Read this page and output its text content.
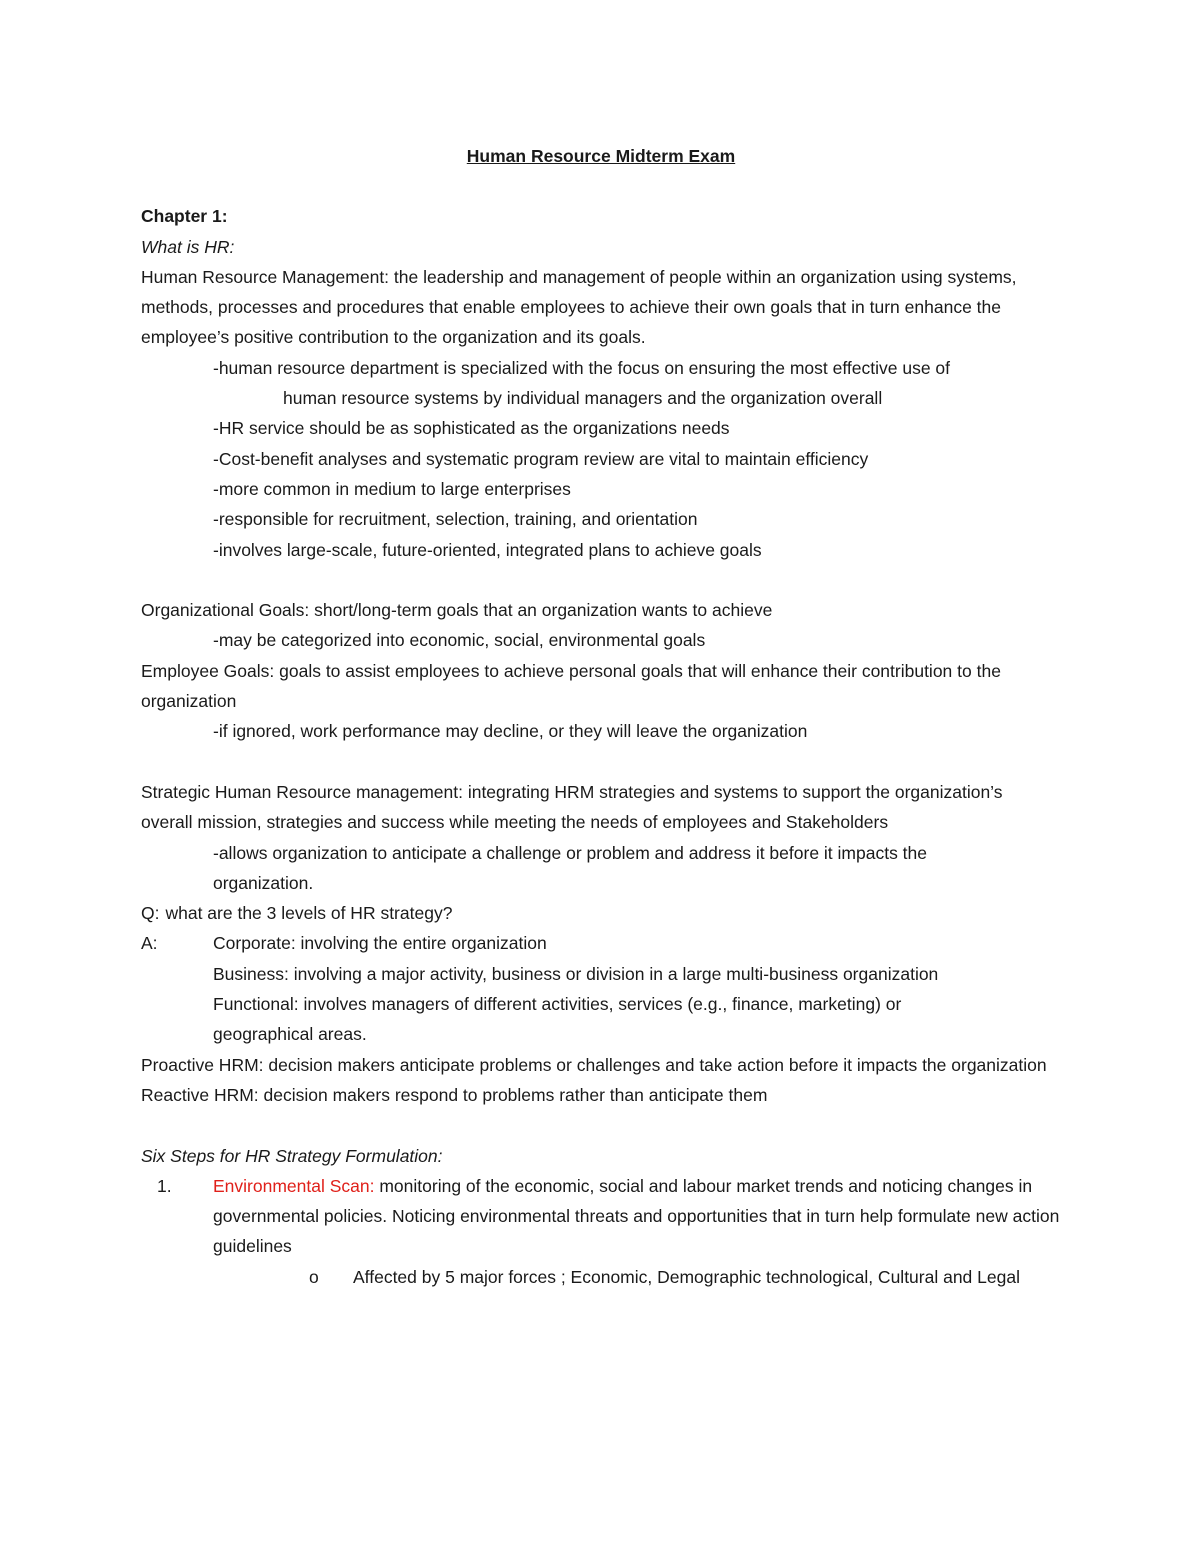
Human Resource Midterm Exam
Chapter 1:
What is HR:
Human Resource Management: the leadership and management of people within an organization using systems, methods, processes and procedures that enable employees to achieve their own goals that in turn enhance the employee’s positive contribution to the organization and its goals.
-human resource department is specialized with the focus on ensuring the most effective use of
human resource systems by individual managers and the organization overall
-HR service should be as sophisticated as the organizations needs
-Cost-benefit analyses and systematic program review are vital to maintain efficiency
-more common in medium to large enterprises
-responsible for recruitment, selection, training, and orientation
-involves large-scale, future-oriented, integrated plans to achieve goals
Organizational Goals: short/long-term goals that an organization wants to achieve
-may be categorized into economic, social, environmental goals
Employee Goals: goals to assist employees to achieve personal goals that will enhance their contribution to the organization
-if ignored, work performance may decline, or they will leave the organization
Strategic Human Resource management: integrating HRM strategies and systems to support the organization’s overall mission, strategies and success while meeting the needs of employees and Stakeholders
-allows organization to anticipate a challenge or problem and address it before it impacts the organization.
Q: what are the 3 levels of HR strategy?
A:	Corporate: involving the entire organization
Business: involving a major activity, business or division in a large multi-business organization
Functional: involves managers of different activities, services (e.g., finance, marketing) or geographical areas.
Proactive HRM: decision makers anticipate problems or challenges and take action before it impacts the organization
Reactive HRM: decision makers respond to problems rather than anticipate them
Six Steps for HR Strategy Formulation:
1.	Environmental Scan: monitoring of the economic, social and labour market trends and noticing changes in governmental policies. Noticing environmental threats and opportunities that in turn help formulate new action guidelines
o	Affected by 5 major forces ; Economic, Demographic technological, Cultural and Legal
